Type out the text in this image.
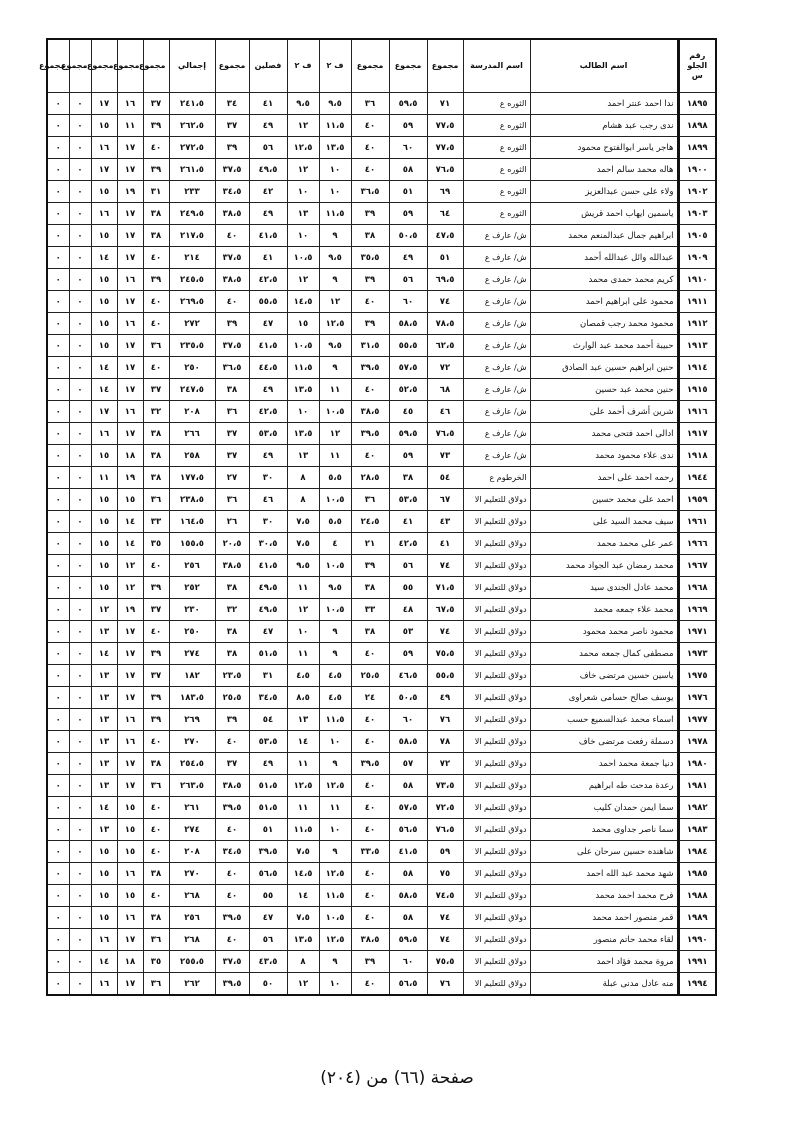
رقم الجلو س	اسم الطالب	اسم المدرسة	مجموع	مجموع	مجموع	ف ٢	ف ٢	فصلين	مجموع	إجمالي	مجموع	مجموع	مجموع	مجموع	مجموع
١٨٩٥	ندا احمد عنتر احمد	الثوره ع	٧١	٥٩،٥	٣٦	٩،٥	٩،٥	٤١	٣٤	٢٤١،٥	٣٧	١٦	١٧	٠	٠
١٨٩٨	ندى رجب عبد هشام	الثوره ع	٧٧،٥	٥٩	٤٠	١١،٥	١٢	٤٩	٣٧	٢٦٢،٥	٣٩	١١	١٥	٠	٠
١٨٩٩	هاجر ياسر ابوالفتوح محمود	الثوره ع	٧٧،٥	٦٠	٤٠	١٣،٥	١٢،٥	٥٦	٣٩	٢٧٢،٥	٤٠	١٧	١٦	٠	٠
١٩٠٠	هاله محمد سالم احمد	الثوره ع	٧٦،٥	٥٨	٤٠	١٠	١٢	٤٩،٥	٣٧،٥	٢٦١،٥	٣٩	١٧	١٧	٠	٠
١٩٠٢	ولاء على حسن عبدالعزيز	الثوره ع	٦٩	٥١	٣٦،٥	١٠	١٠	٤٢	٣٤،٥	٢٣٣	٣١	١٩	١٥	٠	٠
١٩٠٣	ياسمين ايهاب احمد قريش	الثوره ع	٦٤	٥٩	٣٩	١١،٥	١٣	٤٩	٣٨،٥	٢٤٩،٥	٣٨	١٧	١٦	٠	٠
١٩٠٥	ابراهيم جمال عبدالمنعم محمد	ش/ عارف ع	٤٧،٥	٥٠،٥	٣٨	٩	١٠	٤١،٥	٤٠	٢١٧،٥	٣٨	١٧	١٥	٠	٠
١٩٠٩	عبدالله وائل عبدالله أحمد	ش/ عارف ع	٥١	٤٩	٣٥،٥	٩،٥	١٠،٥	٤١	٣٧،٥	٢١٤	٤٠	١٧	١٤	٠	٠
١٩١٠	كريم محمد حمدى محمد	ش/ عارف ع	٦٩،٥	٥٦	٣٩	٩	١٢	٤٢،٥	٣٨،٥	٢٤٥،٥	٣٩	١٦	١٥	٠	٠
١٩١١	محمود على ابراهيم احمد	ش/ عارف ع	٧٤	٦٠	٤٠	١٢	١٤،٥	٥٥،٥	٤٠	٢٦٩،٥	٤٠	١٧	١٥	٠	٠
١٩١٢	محمود محمد رجب قمصان	ش/ عارف ع	٧٨،٥	٥٨،٥	٣٩	١٢،٥	١٥	٤٧	٣٩	٢٧٢	٤٠	١٦	١٥	٠	٠
١٩١٣	حبيبة أحمد محمد عبد الوارث	ش/ عارف ع	٦٢،٥	٥٥،٥	٣١،٥	٩،٥	١٠،٥	٤١،٥	٣٧،٥	٢٣٥،٥	٣٦	١٧	١٥	٠	٠
١٩١٤	حنين ابراهيم حسين عبد الصادق	ش/ عارف ع	٧٢	٥٧،٥	٣٩،٥	٩	١١،٥	٤٤،٥	٣٦،٥	٢٥٠	٤٠	١٧	١٤	٠	٠
١٩١٥	حنين محمد عبد حسين	ش/ عارف ع	٦٨	٥٢،٥	٤٠	١١	١٣،٥	٤٩	٣٨	٢٤٧،٥	٣٧	١٧	١٤	٠	٠
١٩١٦	شرين أشرف أحمد على	ش/ عارف ع	٤٦	٤٥	٣٨،٥	١٠،٥	١٠	٤٢،٥	٣٦	٢٠٨	٣٢	١٦	١٧	٠	٠
١٩١٧	ادالى احمد فتحى محمد	ش/ عارف ع	٧٦،٥	٥٩،٥	٣٩،٥	١٢	١٣،٥	٥٣،٥	٣٧	٢٦٦	٣٨	١٧	١٦	٠	٠
١٩١٨	ندى علاء محمود محمد	ش/ عارف ع	٧٣	٥٩	٤٠	١١	١٣	٤٩	٣٧	٢٥٨	٣٨	١٨	١٥	٠	٠
١٩٤٤	رحمه احمد على احمد	الخرطوم ع	٥٤	٣٨	٢٨،٥	٥،٥	٨	٣٠	٢٧	١٧٧،٥	٣٨	١٩	١١	٠	٠
١٩٥٩	احمد على محمد حسين	دولاق للتعليم الا	٦٧	٥٣،٥	٣٦	١٠،٥	٨	٤٦	٣٦	٢٣٨،٥	٣٦	١٥	١٥	٠	٠
١٩٦١	سيف محمد السيد على	دولاق للتعليم الا	٤٣	٤١	٢٤،٥	٥،٥	٧،٥	٣٠	٢٦	١٦٤،٥	٣٣	١٤	١٥	٠	٠
١٩٦٦	عمر على محمد محمد	دولاق للتعليم الا	٤١	٤٢،٥	٢١	٤	٧،٥	٣٠،٥	٢٠،٥	١٥٥،٥	٣٥	١٤	١٥	٠	٠
١٩٦٧	محمد رمضان عبد الجواد محمد	دولاق للتعليم الا	٧٤	٥٦	٣٩	١٠،٥	٩،٥	٤١،٥	٣٨،٥	٢٥٦	٤٠	١٢	١٥	٠	٠
١٩٦٨	محمد عادل الجندى سيد	دولاق للتعليم الا	٧١،٥	٥٥	٣٨	٩،٥	١١	٤٩،٥	٣٨	٢٥٢	٣٩	١٢	١٥	٠	٠
١٩٦٩	محمد علاء جمعه محمد	دولاق للتعليم الا	٦٧،٥	٤٨	٣٣	١٠،٥	١٢	٤٩،٥	٣٢	٢٣٠	٣٧	١٩	١٢	٠	٠
١٩٧١	محمود ناصر محمد محمود	دولاق للتعليم الا	٧٤	٥٣	٣٨	٩	١٠	٤٧	٣٨	٢٥٠	٤٠	١٧	١٣	٠	٠
١٩٧٣	مصطفى كمال جمعه محمد	دولاق للتعليم الا	٧٥،٥	٥٩	٤٠	٩	١١	٥١،٥	٣٨	٢٧٤	٣٩	١٧	١٤	٠	٠
١٩٧٥	ياسين حسين مرتضى خاف	دولاق للتعليم الا	٥٥،٥	٤٦،٥	٢٥،٥	٤،٥	٤،٥	٣١	٢٣،٥	١٨٢	٣٧	١٧	١٣	٠	٠
١٩٧٦	يوسف صالح حسامى شعراوى	دولاق للتعليم الا	٤٩	٥٠،٥	٢٤	٤،٥	٨،٥	٣٤،٥	٢٥،٥	١٨٣،٥	٣٩	١٧	١٣	٠	٠
١٩٧٧	اسماء محمد عبدالسميع حسب	دولاق للتعليم الا	٧٦	٦٠	٤٠	١١،٥	١٣	٥٤	٣٩	٢٦٩	٣٩	١٦	١٣	٠	٠
١٩٧٨	دسملة رفعت مرتضى خاف	دولاق للتعليم الا	٧٨	٥٨،٥	٤٠	١٠	١٤	٥٣،٥	٤٠	٢٧٠	٤٠	١٦	١٣	٠	٠
١٩٨٠	دنيا جمعة محمد احمد	دولاق للتعليم الا	٧٢	٥٧	٣٩،٥	٩	١١	٤٩	٣٧	٢٥٤،٥	٣٨	١٧	١٣	٠	٠
١٩٨١	رعدة مدحت طه ابراهيم	دولاق للتعليم الا	٧٣،٥	٥٨	٤٠	١٢،٥	١٢،٥	٥١،٥	٣٨،٥	٢٦٣،٥	٣٦	١٧	١٣	٠	٠
١٩٨٢	سما ايمن حمدان كليب	دولاق للتعليم الا	٧٢،٥	٥٧،٥	٤٠	١١	١١	٥١،٥	٣٩،٥	٢٦١	٤٠	١٥	١٤	٠	٠
١٩٨٣	سما ناصر جداوى محمد	دولاق للتعليم الا	٧٦،٥	٥٦،٥	٤٠	١٠	١١،٥	٥١	٤٠	٢٧٤	٤٠	١٥	١٣	٠	٠
١٩٨٤	شاهنده حسين سرحان على	دولاق للتعليم الا	٥٩	٤١،٥	٣٣،٥	٩	٧،٥	٣٩،٥	٣٤،٥	٢٠٨	٤٠	١٥	١٥	٠	٠
١٩٨٥	شهد محمد عبد الله احمد	دولاق للتعليم الا	٧٥	٥٨	٤٠	١٢،٥	١٤،٥	٥٦،٥	٤٠	٢٧٠	٣٨	١٦	١٥	٠	٠
١٩٨٨	فرح محمد احمد محمد	دولاق للتعليم الا	٧٤،٥	٥٨،٥	٤٠	١١،٥	١٤	٥٥	٤٠	٢٦٨	٤٠	١٥	١٥	٠	٠
١٩٨٩	قمر منصور احمد محمد	دولاق للتعليم الا	٧٤	٥٨	٤٠	١٠،٥	٧،٥	٤٧	٣٩،٥	٢٥٦	٣٨	١٦	١٥	٠	٠
١٩٩٠	لقاء محمد حاتم منصور	دولاق للتعليم الا	٧٤	٥٩،٥	٣٨،٥	١٢،٥	١٣،٥	٥٦	٤٠	٢٦٨	٣٦	١٧	١٦	٠	٠
١٩٩١	مروة محمد فؤاد احمد	دولاق للتعليم الا	٧٥،٥	٦٠	٣٩	٩	٨	٤٣،٥	٣٧،٥	٢٥٥،٥	٣٥	١٨	١٤	٠	٠
١٩٩٤	منه عادل مدنى عبلة	دولاق للتعليم الا	٧٦	٥٦،٥	٤٠	١٠	١٢	٥٠	٣٩،٥	٢٦٢	٣٦	١٧	١٦	٠	٠
صفحة (٦٦) من (٢٠٤)
